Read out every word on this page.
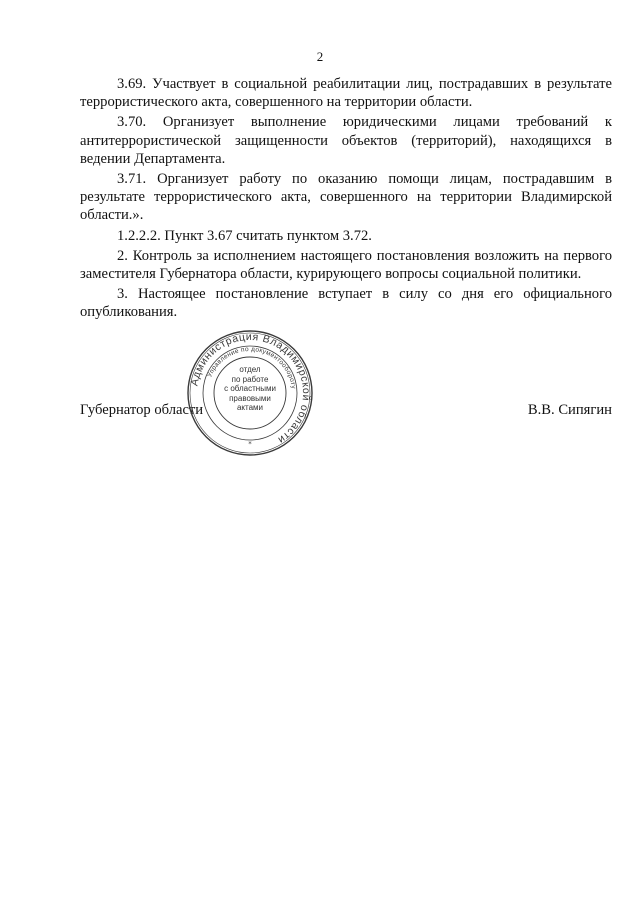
2

3.69. Участвует в социальной реабилитации лиц, пострадавших в результате террористического акта, совершенного на территории области.

3.70. Организует выполнение юридическими лицами требований к антитеррористической защищенности объектов (территорий), находящихся в ведении Департамента.

3.71. Организует работу по оказанию помощи лицам, пострадавшим в результате террористического акта, совершенного на территории Владимирской области.».

1.2.2.2. Пункт 3.67 считать пунктом 3.72.

2. Контроль за исполнением настоящего постановления возложить на первого заместителя Губернатора области, курирующего вопросы социальной политики.

3. Настоящее постановление вступает в силу со дня его официального опубликования.

Губернатор области	В.В. Сипягин
Администрация Владимирской области
Управление по документообороту
*
отдел
по работе
с областными
правовыми
актами
